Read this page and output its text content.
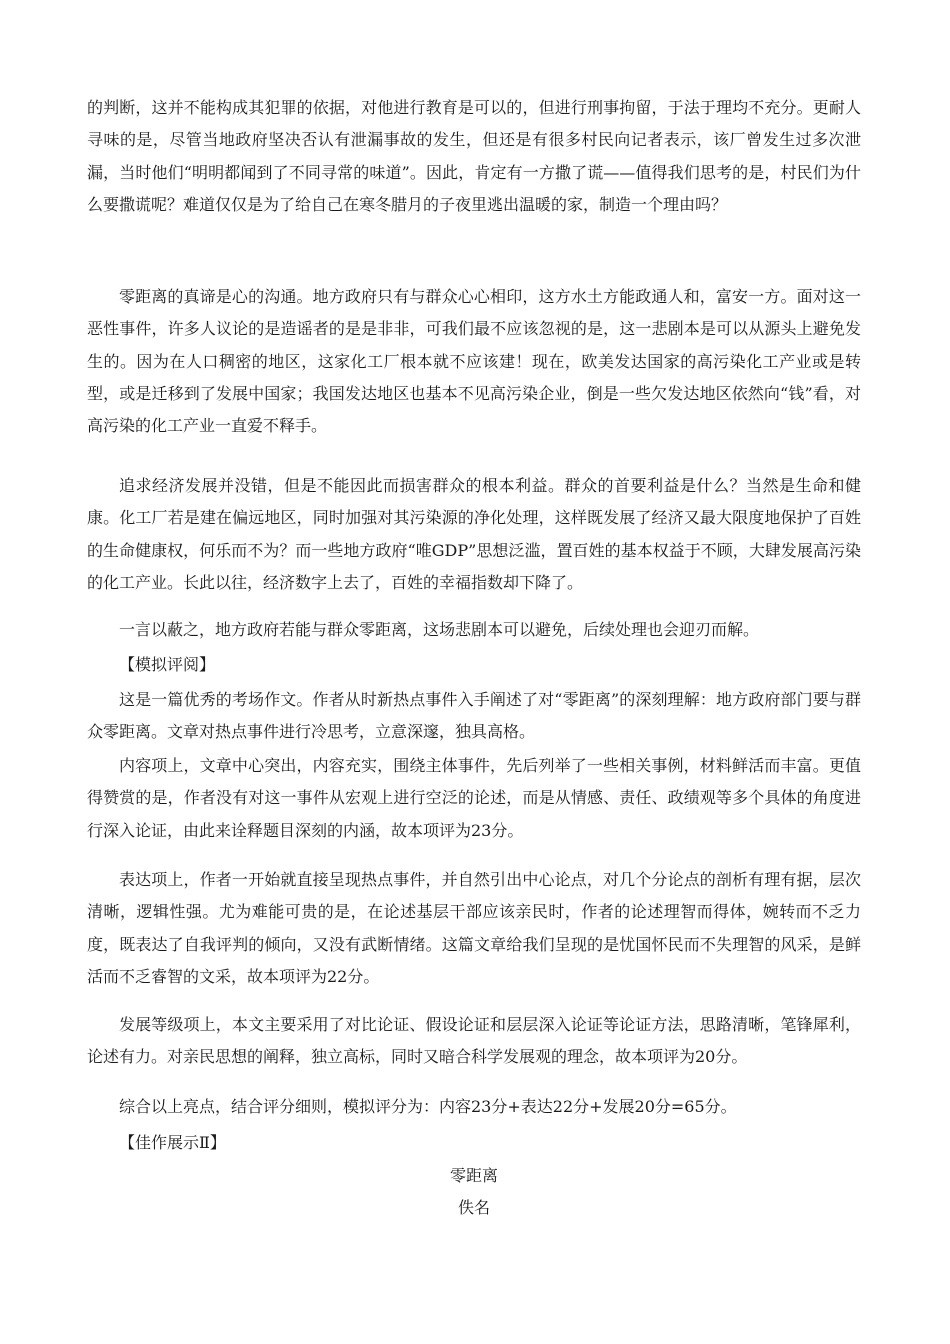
的判断，这并不能构成其犯罪的依据，对他进行教育是可以的，但进行刑事拘留，于法于理均不充分。更耐人寻味的是，尽管当地政府坚决否认有泄漏事故的发生，但还是有很多村民向记者表示，该厂曾发生过多次泄漏，当时他们“明明都闻到了不同寻常的味道”。因此，肯定有一方撒了谎——值得我们思考的是，村民们为什么要撒谎呢？难道仅仅是为了给自己在寒冬腊月的子夜里逃出温暖的家，制造一个理由吗？

零距离的真谛是心的沟通。地方政府只有与群众心心相印，这方水土方能政通人和，富安一方。面对这一恶性事件，许多人议论的是造谣者的是是非非，可我们最不应该忽视的是，这一悲剧本是可以从源头上避免发生的。因为在人口稠密的地区，这家化工厂根本就不应该建！现在，欧美发达国家的高污染化工产业或是转型，或是迁移到了发展中国家；我国发达地区也基本不见高污染企业，倒是一些欠发达地区依然向“钱”看，对高污染的化工产业一直爱不释手。

追求经济发展并没错，但是不能因此而损害群众的根本利益。群众的首要利益是什么？当然是生命和健康。化工厂若是建在偏远地区，同时加强对其污染源的净化处理，这样既发展了经济又最大限度地保护了百姓的生命健康权，何乐而不为？而一些地方政府“唯GDP”思想泛滥，置百姓的基本权益于不顾，大肆发展高污染的化工产业。长此以往，经济数字上去了，百姓的幸福指数却下降了。

一言以蔽之，地方政府若能与群众零距离，这场悲剧本可以避免，后续处理也会迎刃而解。

【模拟评阅】

这是一篇优秀的考场作文。作者从时新热点事件入手阐述了对“零距离”的深刻理解：地方政府部门要与群众零距离。文章对热点事件进行冷思考，立意深邃，独具高格。

内容项上，文章中心突出，内容充实，围绕主体事件，先后列举了一些相关事例，材料鲜活而丰富。更值得赞赏的是，作者没有对这一事件从宏观上进行空泛的论述，而是从情感、责任、政绩观等多个具体的角度进行深入论证，由此来诠释题目深刻的内涵，故本项评为23分。

表达项上，作者一开始就直接呈现热点事件，并自然引出中心论点，对几个分论点的剖析有理有据，层次清晰，逻辑性强。尤为难能可贵的是，在论述基层干部应该亲民时，作者的论述理智而得体，婉转而不乏力度，既表达了自我评判的倾向，又没有武断情绪。这篇文章给我们呈现的是忧国怀民而不失理智的风采，是鲜活而不乏睿智的文采，故本项评为22分。

发展等级项上，本文主要采用了对比论证、假设论证和层层深入论证等论证方法，思路清晰，笔锋犀利，论述有力。对亲民思想的阐释，独立高标，同时又暗合科学发展观的理念，故本项评为20分。

综合以上亮点，结合评分细则，模拟评分为：内容23分+表达22分+发展20分=65分。

【佳作展示Ⅱ】

零距离

佚名
